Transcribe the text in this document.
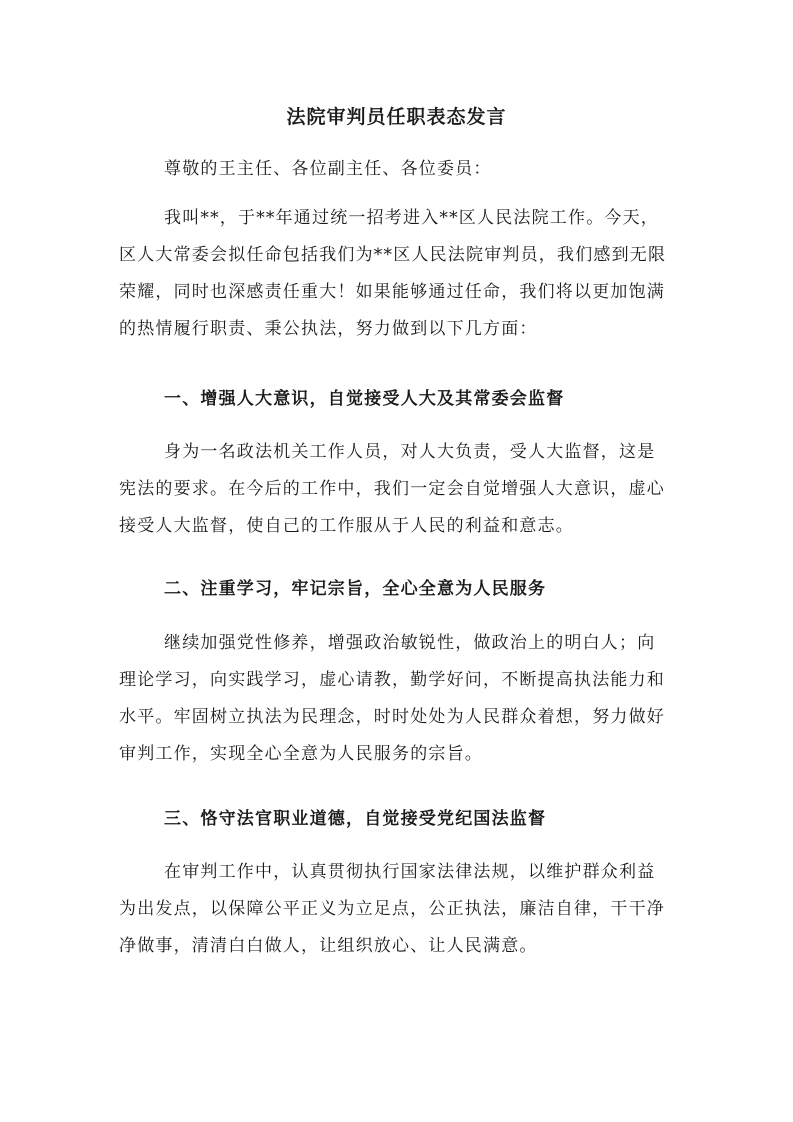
法院审判员任职表态发言
尊敬的王主任、各位副主任、各位委员：
我叫**，于**年通过统一招考进入**区人民法院工作。今天，
区人大常委会拟任命包括我们为**区人民法院审判员，我们感到无限
荣耀，同时也深感责任重大！如果能够通过任命，我们将以更加饱满
的热情履行职责、秉公执法，努力做到以下几方面：
一、增强人大意识，自觉接受人大及其常委会监督
身为一名政法机关工作人员，对人大负责，受人大监督，这是
宪法的要求。在今后的工作中，我们一定会自觉增强人大意识，虚心
接受人大监督，使自己的工作服从于人民的利益和意志。
二、注重学习，牢记宗旨，全心全意为人民服务
继续加强党性修养，增强政治敏锐性，做政治上的明白人；向
理论学习，向实践学习，虚心请教，勤学好问，不断提高执法能力和
水平。牢固树立执法为民理念，时时处处为人民群众着想，努力做好
审判工作，实现全心全意为人民服务的宗旨。
三、恪守法官职业道德，自觉接受党纪国法监督
在审判工作中，认真贯彻执行国家法律法规，以维护群众利益
为出发点，以保障公平正义为立足点，公正执法，廉洁自律，干干净
净做事，清清白白做人，让组织放心、让人民满意。
